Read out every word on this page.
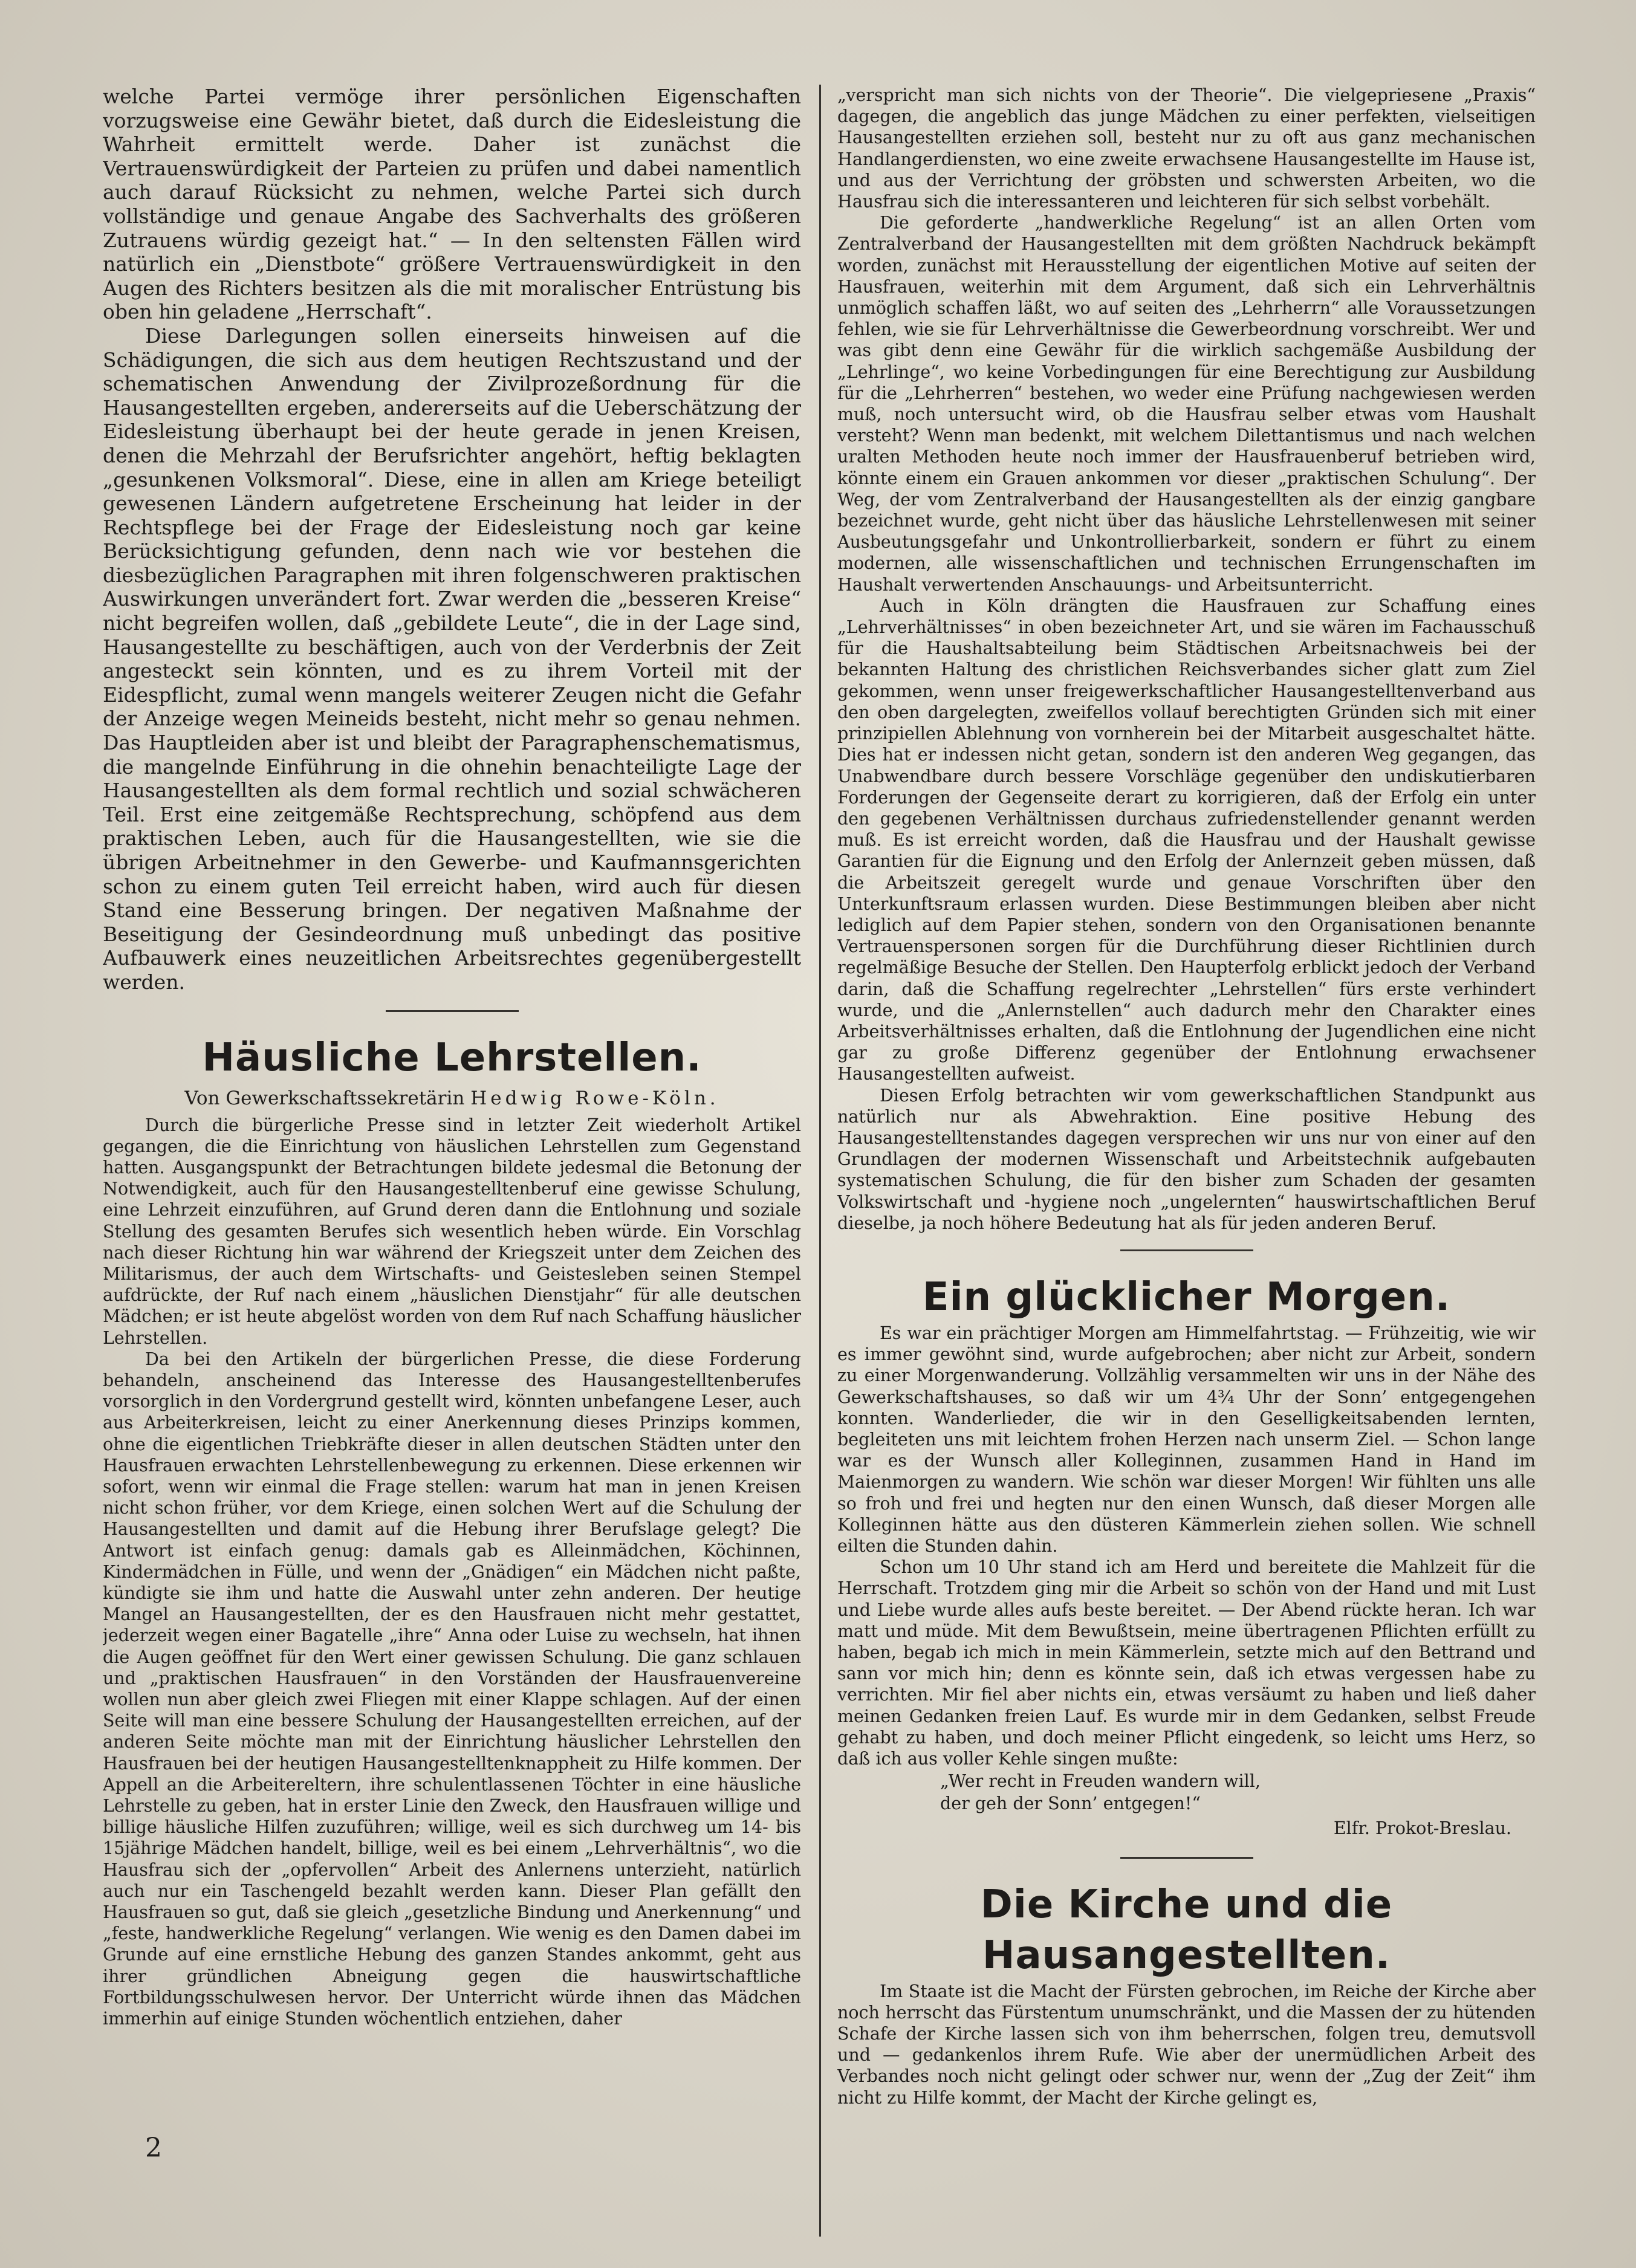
welche Partei vermöge ihrer persönlichen Eigenschaften vorzugsweise eine Gewähr bietet, daß durch die Eidesleistung die Wahrheit ermittelt werde. Daher ist zunächst die Vertrauenswürdigkeit der Parteien zu prüfen und dabei namentlich auch darauf Rücksicht zu nehmen, welche Partei sich durch vollständige und genaue Angabe des Sachverhalts des größeren Zutrauens würdig gezeigt hat.“ — In den seltensten Fällen wird natürlich ein „Dienstbote“ größere Vertrauenswürdigkeit in den Augen des Richters besitzen als die mit moralischer Entrüstung bis oben hin geladene „Herrschaft“.

Diese Darlegungen sollen einerseits hinweisen auf die Schädigungen, die sich aus dem heutigen Rechtszustand und der schematischen Anwendung der Zivilprozeßordnung für die Hausangestellten ergeben, andererseits auf die Ueberschätzung der Eidesleistung überhaupt bei der heute gerade in jenen Kreisen, denen die Mehrzahl der Berufsrichter angehört, heftig beklagten „gesunkenen Volksmoral“. Diese, eine in allen am Kriege beteiligt gewesenen Ländern aufgetretene Erscheinung hat leider in der Rechtspflege bei der Frage der Eidesleistung noch gar keine Berücksichtigung gefunden, denn nach wie vor bestehen die diesbezüglichen Paragraphen mit ihren folgenschweren praktischen Auswirkungen unverändert fort. Zwar werden die „besseren Kreise“ nicht begreifen wollen, daß „gebildete Leute“, die in der Lage sind, Hausangestellte zu beschäftigen, auch von der Verderbnis der Zeit angesteckt sein könnten, und es zu ihrem Vorteil mit der Eidespflicht, zumal wenn mangels weiterer Zeugen nicht die Gefahr der Anzeige wegen Meineids besteht, nicht mehr so genau nehmen. Das Hauptleiden aber ist und bleibt der Paragraphenschematismus, die mangelnde Einführung in die ohnehin benachteiligte Lage der Hausangestellten als dem formal rechtlich und sozial schwächeren Teil. Erst eine zeitgemäße Rechtsprechung, schöpfend aus dem praktischen Leben, auch für die Hausangestellten, wie sie die übrigen Arbeitnehmer in den Gewerbe- und Kaufmannsgerichten schon zu einem guten Teil erreicht haben, wird auch für diesen Stand eine Besserung bringen. Der negativen Maßnahme der Beseitigung der Gesindeordnung muß unbedingt das positive Aufbauwerk eines neuzeitlichen Arbeitsrechtes gegenübergestellt werden.

Häusliche Lehrstellen.
Von Gewerkschaftssekretärin Hedwig Rowe-Köln.

Durch die bürgerliche Presse sind in letzter Zeit wiederholt Artikel gegangen, die die Einrichtung von häuslichen Lehrstellen zum Gegenstand hatten. Ausgangspunkt der Betrachtungen bildete jedesmal die Betonung der Notwendigkeit, auch für den Hausangestelltenberuf eine gewisse Schulung, eine Lehrzeit einzuführen, auf Grund deren dann die Entlohnung und soziale Stellung des gesamten Berufes sich wesentlich heben würde. Ein Vorschlag nach dieser Richtung hin war während der Kriegszeit unter dem Zeichen des Militarismus, der auch dem Wirtschafts- und Geistesleben seinen Stempel aufdrückte, der Ruf nach einem „häuslichen Dienstjahr“ für alle deutschen Mädchen; er ist heute abgelöst worden von dem Ruf nach Schaffung häuslicher Lehrstellen.

Da bei den Artikeln der bürgerlichen Presse, die diese Forderung behandeln, anscheinend das Interesse des Hausangestelltenberufes vorsorglich in den Vordergrund gestellt wird, könnten unbefangene Leser, auch aus Arbeiterkreisen, leicht zu einer Anerkennung dieses Prinzips kommen, ohne die eigentlichen Triebkräfte dieser in allen deutschen Städten unter den Hausfrauen erwachten Lehrstellenbewegung zu erkennen. Diese erkennen wir sofort, wenn wir einmal die Frage stellen: warum hat man in jenen Kreisen nicht schon früher, vor dem Kriege, einen solchen Wert auf die Schulung der Hausangestellten und damit auf die Hebung ihrer Berufslage gelegt? Die Antwort ist einfach genug: damals gab es Alleinmädchen, Köchinnen, Kindermädchen in Fülle, und wenn der „Gnädigen“ ein Mädchen nicht paßte, kündigte sie ihm und hatte die Auswahl unter zehn anderen. Der heutige Mangel an Hausangestellten, der es den Hausfrauen nicht mehr gestattet, jederzeit wegen einer Bagatelle „ihre“ Anna oder Luise zu wechseln, hat ihnen die Augen geöffnet für den Wert einer gewissen Schulung. Die ganz schlauen und „praktischen Hausfrauen“ in den Vorständen der Hausfrauenvereine wollen nun aber gleich zwei Fliegen mit einer Klappe schlagen. Auf der einen Seite will man eine bessere Schulung der Hausangestellten erreichen, auf der anderen Seite möchte man mit der Einrichtung häuslicher Lehrstellen den Hausfrauen bei der heutigen Hausangestelltenknappheit zu Hilfe kommen. Der Appell an die Arbeitereltern, ihre schulentlassenen Töchter in eine häusliche Lehrstelle zu geben, hat in erster Linie den Zweck, den Hausfrauen willige und billige häusliche Hilfen zuzuführen; willige, weil es sich durchweg um 14- bis 15jährige Mädchen handelt, billige, weil es bei einem „Lehrverhältnis“, wo die Hausfrau sich der „opfervollen“ Arbeit des Anlernens unterzieht, natürlich auch nur ein Taschengeld bezahlt werden kann. Dieser Plan gefällt den Hausfrauen so gut, daß sie gleich „gesetzliche Bindung und Anerkennung“ und „feste, handwerkliche Regelung“ verlangen. Wie wenig es den Damen dabei im Grunde auf eine ernstliche Hebung des ganzen Standes ankommt, geht aus ihrer gründlichen Abneigung gegen die hauswirtschaftliche Fortbildungsschulwesen hervor. Der Unterricht würde ihnen das Mädchen immerhin auf einige Stunden wöchentlich entziehen, daher

„verspricht man sich nichts von der Theorie“. Die vielgepriesene „Praxis“ dagegen, die angeblich das junge Mädchen zu einer perfekten, vielseitigen Hausangestellten erziehen soll, besteht nur zu oft aus ganz mechanischen Handlangerdiensten, wo eine zweite erwachsene Hausangestellte im Hause ist, und aus der Verrichtung der gröbsten und schwersten Arbeiten, wo die Hausfrau sich die interessanteren und leichteren für sich selbst vorbehält.

Die geforderte „handwerkliche Regelung“ ist an allen Orten vom Zentralverband der Hausangestellten mit dem größten Nachdruck bekämpft worden, zunächst mit Herausstellung der eigentlichen Motive auf seiten der Hausfrauen, weiterhin mit dem Argument, daß sich ein Lehrverhältnis unmöglich schaffen läßt, wo auf seiten des „Lehrherrn“ alle Voraussetzungen fehlen, wie sie für Lehrverhältnisse die Gewerbeordnung vorschreibt. Wer und was gibt denn eine Gewähr für die wirklich sachgemäße Ausbildung der „Lehrlinge“, wo keine Vorbedingungen für eine Berechtigung zur Ausbildung für die „Lehrherren“ bestehen, wo weder eine Prüfung nachgewiesen werden muß, noch untersucht wird, ob die Hausfrau selber etwas vom Haushalt versteht? Wenn man bedenkt, mit welchem Dilettantismus und nach welchen uralten Methoden heute noch immer der Hausfrauenberuf betrieben wird, könnte einem ein Grauen ankommen vor dieser „praktischen Schulung“. Der Weg, der vom Zentralverband der Hausangestellten als der einzig gangbare bezeichnet wurde, geht nicht über das häusliche Lehrstellenwesen mit seiner Ausbeutungsgefahr und Unkontrollierbarkeit, sondern er führt zu einem modernen, alle wissenschaftlichen und technischen Errungenschaften im Haushalt verwertenden Anschauungs- und Arbeitsunterricht.

Auch in Köln drängten die Hausfrauen zur Schaffung eines „Lehrverhältnisses“ in oben bezeichneter Art, und sie wären im Fachausschuß für die Haushaltsabteilung beim Städtischen Arbeitsnachweis bei der bekannten Haltung des christlichen Reichsverbandes sicher glatt zum Ziel gekommen, wenn unser freigewerkschaftlicher Hausangestelltenverband aus den oben dargelegten, zweifellos vollauf berechtigten Gründen sich mit einer prinzipiellen Ablehnung von vornherein bei der Mitarbeit ausgeschaltet hätte. Dies hat er indessen nicht getan, sondern ist den anderen Weg gegangen, das Unabwendbare durch bessere Vorschläge gegenüber den undiskutierbaren Forderungen der Gegenseite derart zu korrigieren, daß der Erfolg ein unter den gegebenen Verhältnissen durchaus zufriedenstellender genannt werden muß. Es ist erreicht worden, daß die Hausfrau und der Haushalt gewisse Garantien für die Eignung und den Erfolg der Anlernzeit geben müssen, daß die Arbeitszeit geregelt wurde und genaue Vorschriften über den Unterkunftsraum erlassen wurden. Diese Bestimmungen bleiben aber nicht lediglich auf dem Papier stehen, sondern von den Organisationen benannte Vertrauenspersonen sorgen für die Durchführung dieser Richtlinien durch regelmäßige Besuche der Stellen. Den Haupterfolg erblickt jedoch der Verband darin, daß die Schaffung regelrechter „Lehrstellen“ fürs erste verhindert wurde, und die „Anlernstellen“ auch dadurch mehr den Charakter eines Arbeitsverhältnisses erhalten, daß die Entlohnung der Jugendlichen eine nicht gar zu große Differenz gegenüber der Entlohnung erwachsener Hausangestellten aufweist.

Diesen Erfolg betrachten wir vom gewerkschaftlichen Standpunkt aus natürlich nur als Abwehraktion. Eine positive Hebung des Hausangestelltenstandes dagegen versprechen wir uns nur von einer auf den Grundlagen der modernen Wissenschaft und Arbeitstechnik aufgebauten systematischen Schulung, die für den bisher zum Schaden der gesamten Volkswirtschaft und -hygiene noch „ungelernten“ hauswirtschaftlichen Beruf dieselbe, ja noch höhere Bedeutung hat als für jeden anderen Beruf.

Ein glücklicher Morgen.

Es war ein prächtiger Morgen am Himmelfahrtstag. — Frühzeitig, wie wir es immer gewöhnt sind, wurde aufgebrochen; aber nicht zur Arbeit, sondern zu einer Morgenwanderung. Vollzählig versammelten wir uns in der Nähe des Gewerkschaftshauses, so daß wir um 4¾ Uhr der Sonn’ entgegengehen konnten. Wanderlieder, die wir in den Geselligkeitsabenden lernten, begleiteten uns mit leichtem frohen Herzen nach unserm Ziel. — Schon lange war es der Wunsch aller Kolleginnen, zusammen Hand in Hand im Maienmorgen zu wandern. Wie schön war dieser Morgen! Wir fühlten uns alle so froh und frei und hegten nur den einen Wunsch, daß dieser Morgen alle Kolleginnen hätte aus den düsteren Kämmerlein ziehen sollen. Wie schnell eilten die Stunden dahin.

Schon um 10 Uhr stand ich am Herd und bereitete die Mahlzeit für die Herrschaft. Trotzdem ging mir die Arbeit so schön von der Hand und mit Lust und Liebe wurde alles aufs beste bereitet. — Der Abend rückte heran. Ich war matt und müde. Mit dem Bewußtsein, meine übertragenen Pflichten erfüllt zu haben, begab ich mich in mein Kämmerlein, setzte mich auf den Bettrand und sann vor mich hin; denn es könnte sein, daß ich etwas vergessen habe zu verrichten. Mir fiel aber nichts ein, etwas versäumt zu haben und ließ daher meinen Gedanken freien Lauf. Es wurde mir in dem Gedanken, selbst Freude gehabt zu haben, und doch meiner Pflicht eingedenk, so leicht ums Herz, so daß ich aus voller Kehle singen mußte:

„Wer recht in Freuden wandern will,
der geh der Sonn’ entgegen!“
Elfr. Prokot-Breslau.
Die Kirche und die Hausangestellten.

Im Staate ist die Macht der Fürsten gebrochen, im Reiche der Kirche aber noch herrscht das Fürstentum unumschränkt, und die Massen der zu hütenden Schafe der Kirche lassen sich von ihm beherrschen, folgen treu, demutsvoll und — gedankenlos ihrem Rufe. Wie aber der unermüdlichen Arbeit des Verbandes noch nicht gelingt oder schwer nur, wenn der „Zug der Zeit“ ihm nicht zu Hilfe kommt, der Macht der Kirche gelingt es,

2
